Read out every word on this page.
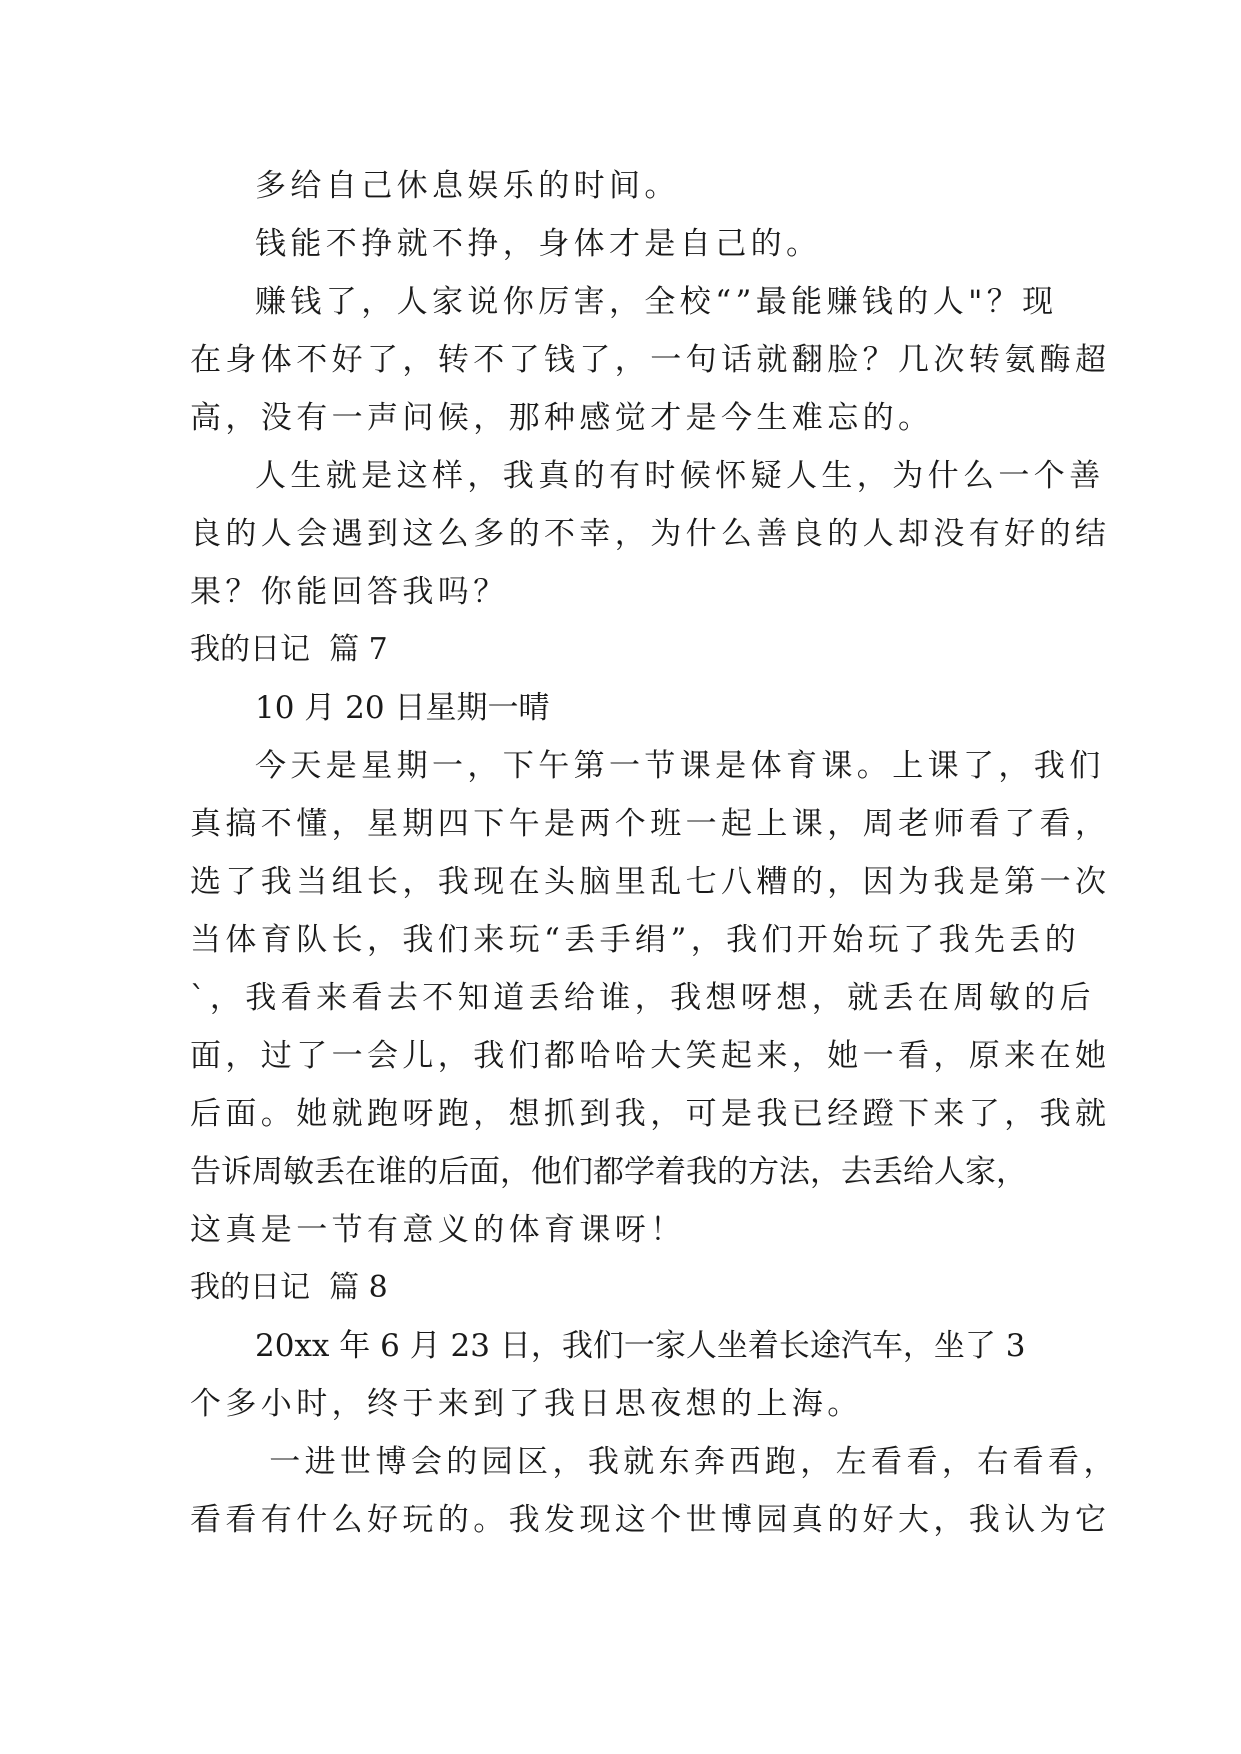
多给自己休息娱乐的时间。
钱能不挣就不挣，身体才是自己的。
赚钱了，人家说你厉害，全校“”最能赚钱的人"？现
在身体不好了，转不了钱了，一句话就翻脸？几次转氨酶超
高，没有一声问候，那种感觉才是今生难忘的。
人生就是这样，我真的有时候怀疑人生，为什么一个善
良的人会遇到这么多的不幸，为什么善良的人却没有好的结
果？你能回答我吗？
我的日记  篇 7
10 月 20 日星期一晴
今天是星期一，下午第一节课是体育课。上课了，我们
真搞不懂，星期四下午是两个班一起上课，周老师看了看，
选了我当组长，我现在头脑里乱七八糟的，因为我是第一次
当体育队长，我们来玩“丢手绢”，我们开始玩了我先丢的
`，我看来看去不知道丢给谁，我想呀想，就丢在周敏的后
面，过了一会儿，我们都哈哈大笑起来，她一看，原来在她
后面。她就跑呀跑，想抓到我，可是我已经蹬下来了，我就
告诉周敏丢在谁的后面，他们都学着我的方法，去丢给人家，
这真是一节有意义的体育课呀！
我的日记  篇 8
20xx 年 6 月 23 日，我们一家人坐着长途汽车，坐了 3
个多小时，终于来到了我日思夜想的上海。
一进世博会的园区，我就东奔西跑，左看看，右看看，
看看有什么好玩的。我发现这个世博园真的好大，我认为它
